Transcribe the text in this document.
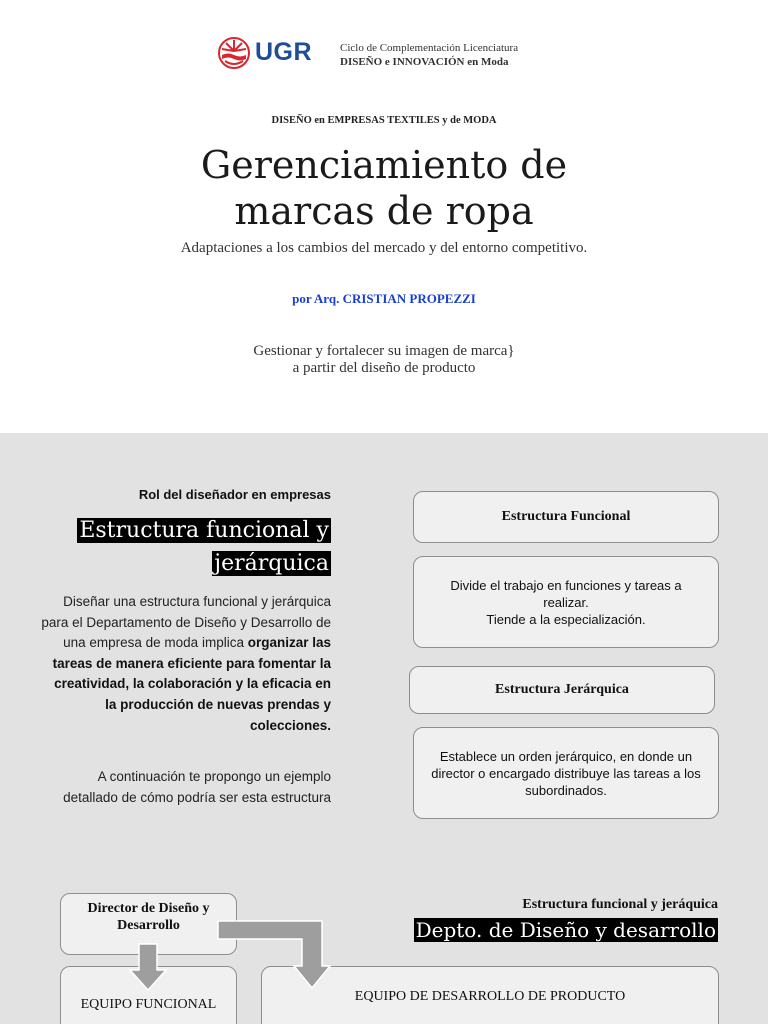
UGR	Ciclo de Complementación Licenciatura
DISEÑO e INNOVACIÓN en Moda
DISEÑO en EMPRESAS TEXTILES y de MODA
Gerenciamiento de
marcas de ropa
Adaptaciones a los cambios del mercado y del entorno competitivo.
por Arq. CRISTIAN PROPEZZI
Gestionar y fortalecer su imagen de marca}
a partir del diseño de producto
Rol del diseñador en empresas
Estructura funcional y
jerárquica

Diseñar una estructura funcional y jerárquica para el Departamento de Diseño y Desarrollo de una empresa de moda implica organizar las tareas de manera eficiente para fomentar la creatividad, la colaboración y la eficacia en la producción de nuevas prendas y colecciones.

A continuación te propongo un ejemplo detallado de cómo podría ser esta estructura

Estructura Funcional
Divide el trabajo en funciones y tareas a realizar.
Tiende a la especialización.
Estructura Jerárquica
Establece un orden jerárquico, en donde un director o encargado distribuye las tareas a los subordinados.
Estructura funcional y jeráquica
Depto. de Diseño y desarrollo
Director de Diseño y Desarrollo
EQUIPO FUNCIONAL
EQUIPO DE DESARROLLO DE PRODUCTO
